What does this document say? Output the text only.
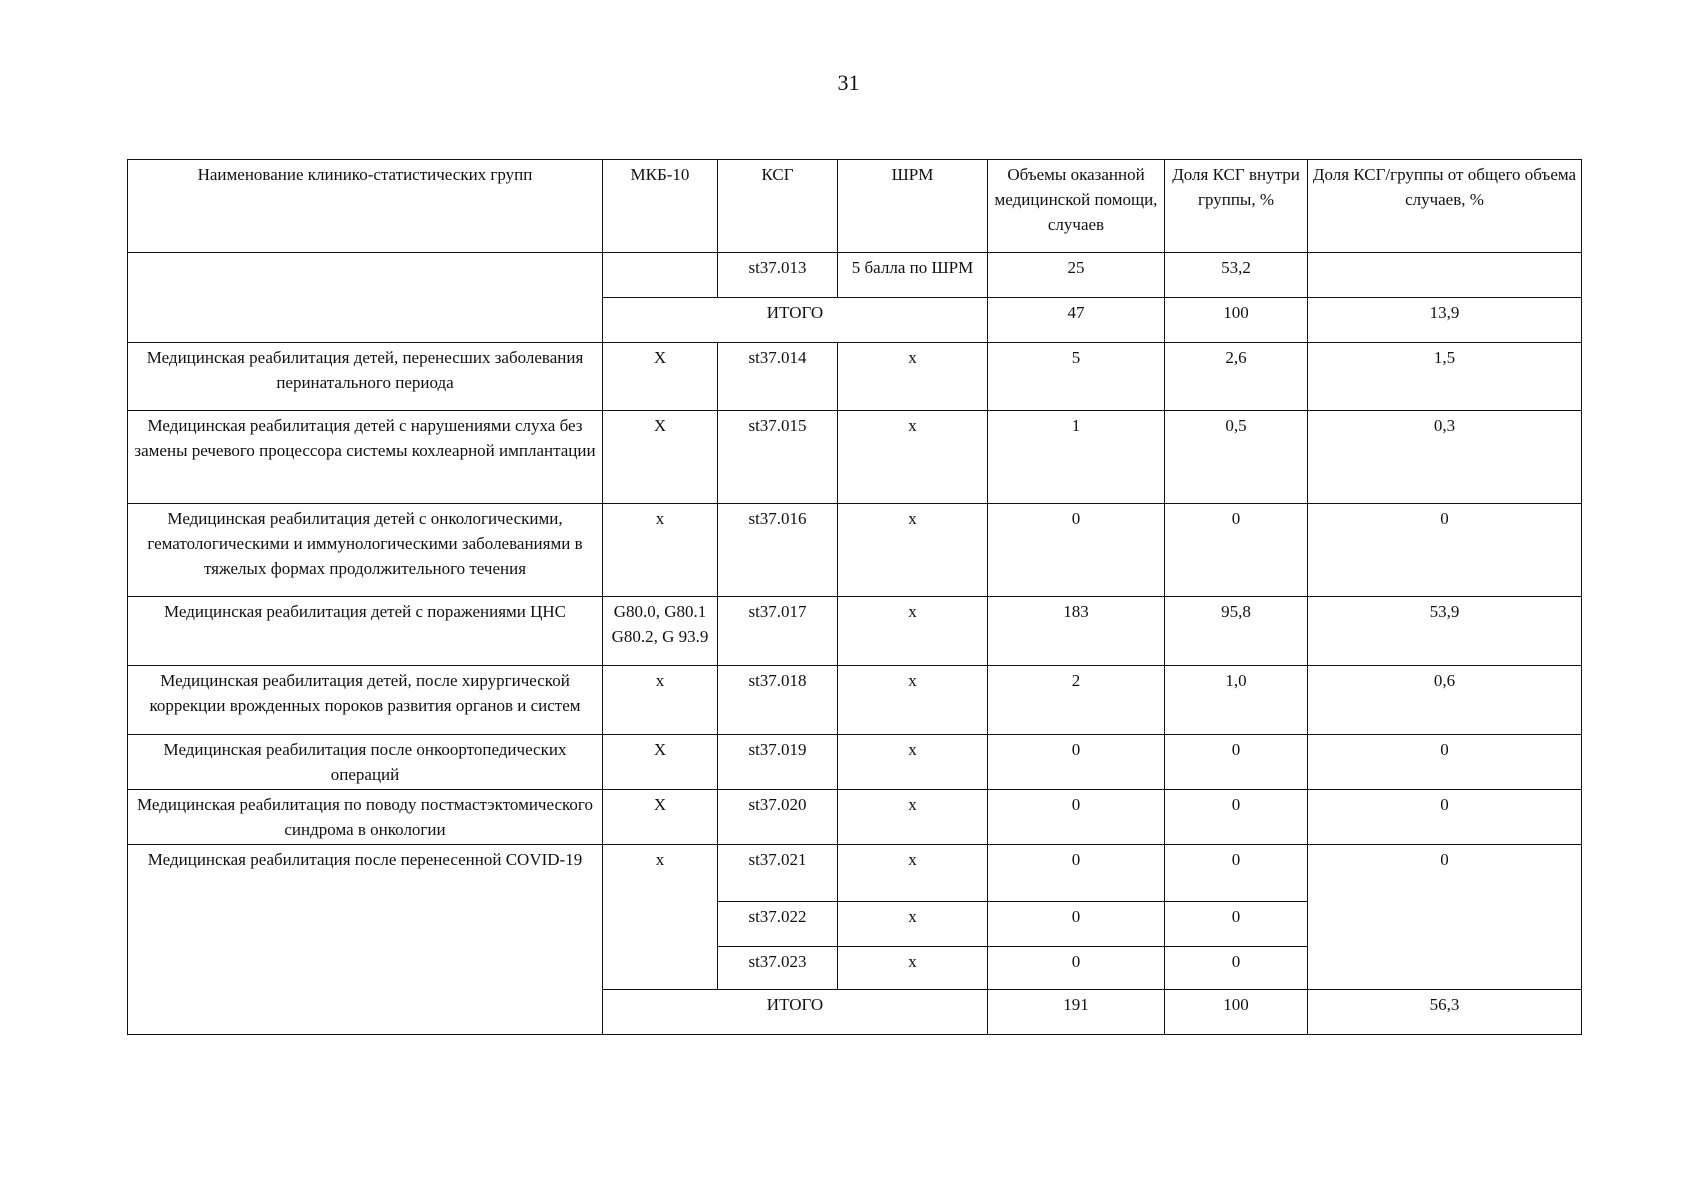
31
Наименование клинико-статистических групп	МКБ-10	КСГ	ШРМ	Объемы оказанной медицинской помощи, случаев	Доля КСГ внутри группы, %	Доля КСГ/группы от общего объема случаев, %
		st37.013	5 балла по ШРМ	25	53,2	
	ИТОГО			47	100	13,9
Медицинская реабилитация детей, перенесших заболевания перинатального периода	X	st37.014	x	5	2,6	1,5
Медицинская реабилитация детей с нарушениями слуха без замены речевого процессора системы кохлеарной имплантации	X	st37.015	x	1	0,5	0,3
Медицинская реабилитация детей с онкологическими, гематологическими и иммунологическими заболеваниями в тяжелых формах продолжительного течения	x	st37.016	x	0	0	0
Медицинская реабилитация детей с поражениями ЦНС	G80.0, G80.1 G80.2, G 93.9	st37.017	x	183	95,8	53,9
Медицинская реабилитация детей, после хирургической коррекции врожденных пороков развития органов и систем	x	st37.018	x	2	1,0	0,6
Медицинская реабилитация после онкоортопедических операций	X	st37.019	x	0	0	0
Медицинская реабилитация по поводу постмастэктомического синдрома в онкологии	X	st37.020	x	0	0	0
Медицинская реабилитация после перенесенной COVID-19	x	st37.021	x	0	0	0
		st37.022	x	0	0	
		st37.023	x	0	0	
	ИТОГО			191	100	56,3
